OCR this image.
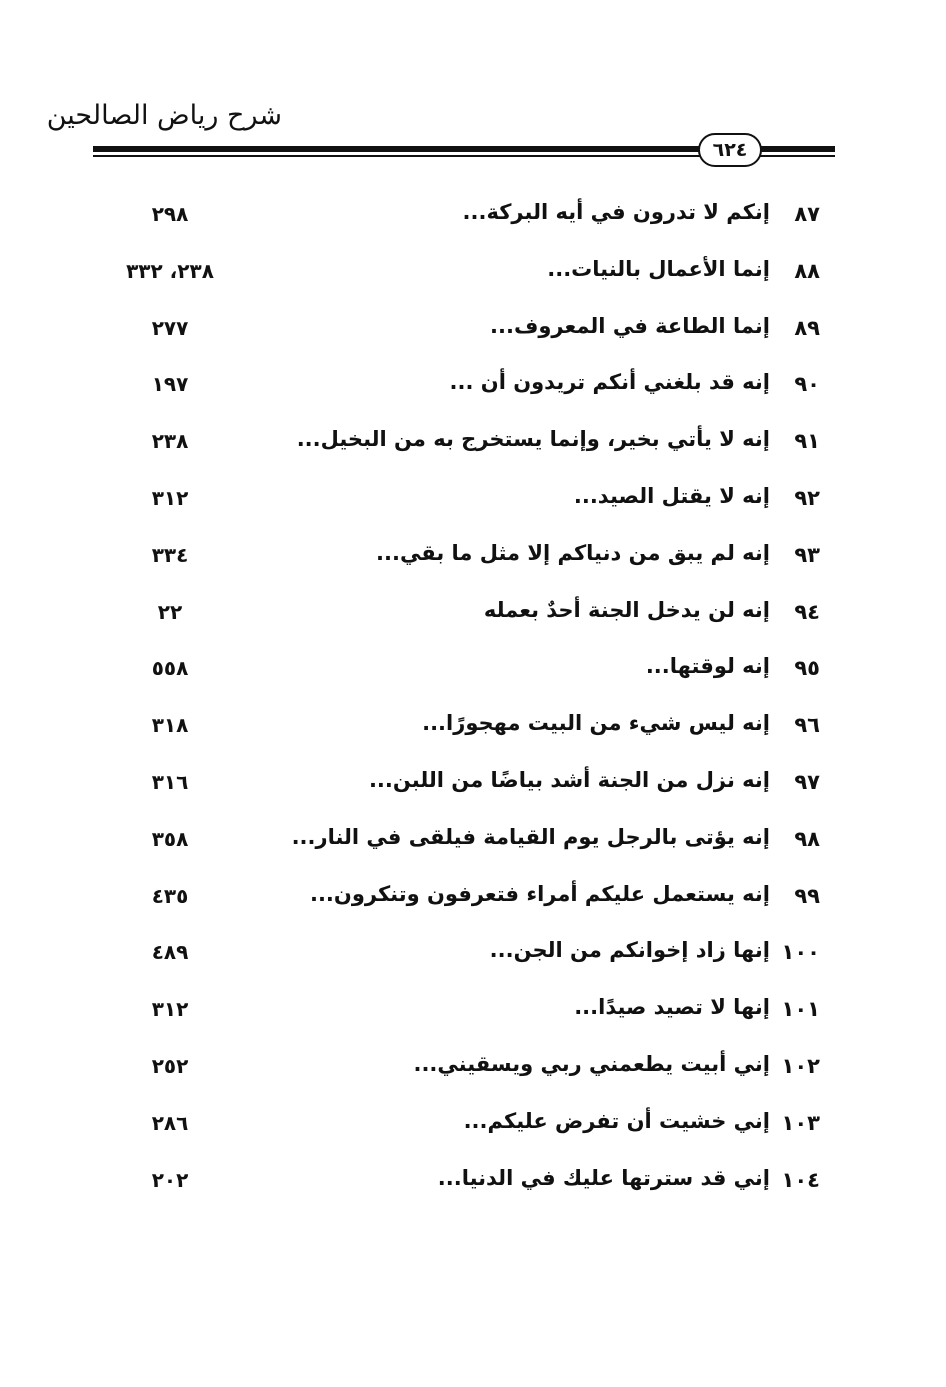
شرح رياض الصالحين
٦٢٤
٨٧
إنكم لا تدرون في أيه البركة...
٢٩٨
٨٨
إنما الأعمال بالنيات...
٢٣٨، ٣٣٢
٨٩
إنما الطاعة في المعروف...
٢٧٧
٩٠
إنه قد بلغني أنكم تريدون أن ...
١٩٧
٩١
إنه لا يأتي بخير، وإنما يستخرج به من البخيل...
٢٣٨
٩٢
إنه لا يقتل الصيد...
٣١٢
٩٣
إنه لم يبق من دنياكم إلا مثل ما بقي...
٣٣٤
٩٤
إنه لن يدخل الجنة أحدٌ بعمله
٢٢
٩٥
إنه لوقتها...
٥٥٨
٩٦
إنه ليس شيء من البيت مهجورًا...
٣١٨
٩٧
إنه نزل من الجنة أشد بياضًا من اللبن...
٣١٦
٩٨
إنه يؤتى بالرجل يوم القيامة فيلقى في النار...
٣٥٨
٩٩
إنه يستعمل عليكم أمراء فتعرفون وتنكرون...
٤٣٥
١٠٠
إنها زاد إخوانكم من الجن...
٤٨٩
١٠١
إنها لا تصيد صيدًا...
٣١٢
١٠٢
إني أبيت يطعمني ربي ويسقيني...
٢٥٢
١٠٣
إني خشيت أن تفرض عليكم...
٢٨٦
١٠٤
إني قد سترتها عليك في الدنيا...
٢٠٢
